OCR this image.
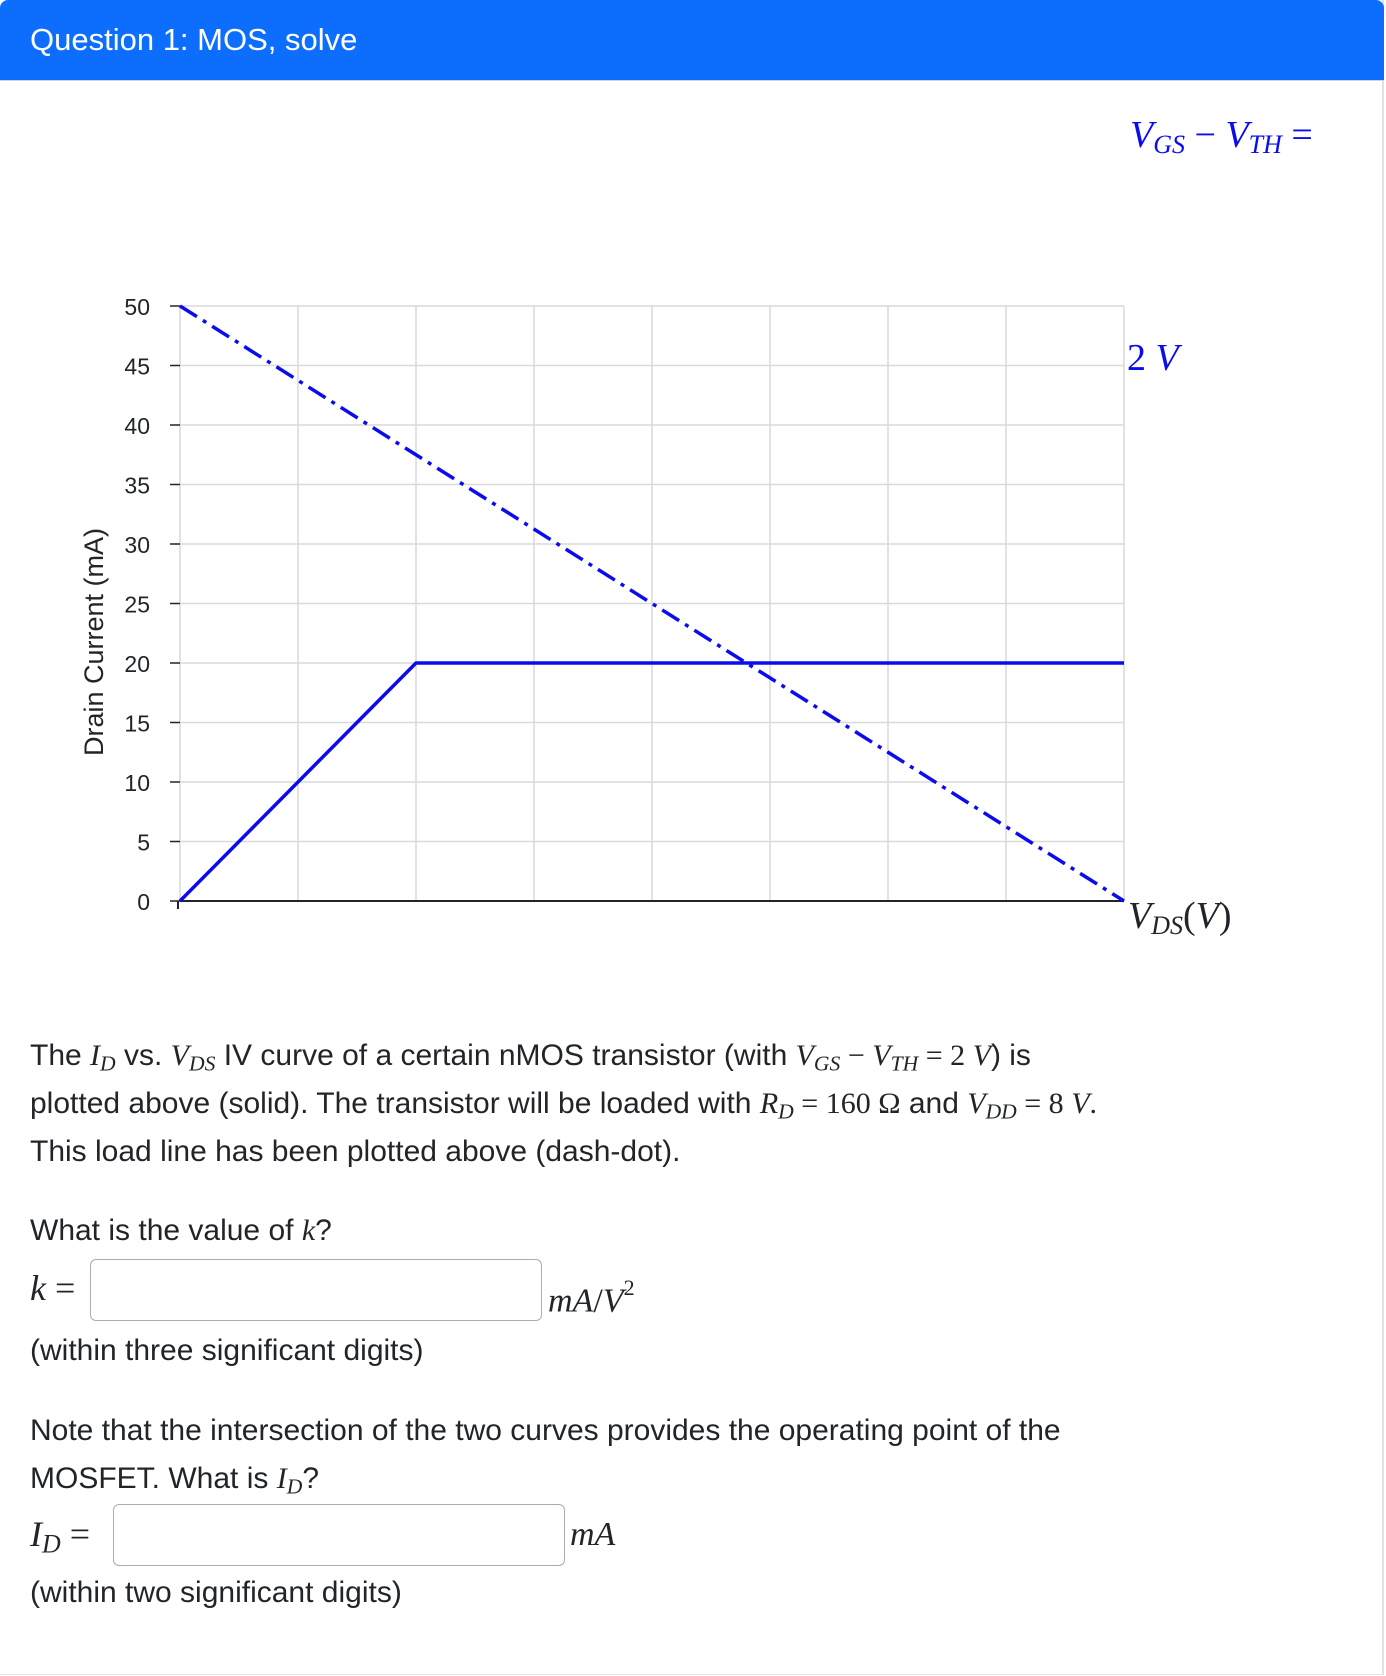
Question 1: MOS, solve
0
5
10
15
20
25
30
35
40
45
50
Drain Current (mA)
VGS − VTH =
2 V
VDS(V)
The $I_D$ vs. $V_{DS}$ IV curve of a certain nMOS transistor (with $V_{GS} - V_{TH} = 2$ V) is
plotted above (solid). The transistor will be loaded with $R_D = 160$ Ω and $V_{DD} = 8$ V.
This load line has been plotted above (dash-dot).
What is the value of k?
k =	$mA/V^2$
(within three significant digits)
Note that the intersection of the two curves provides the operating point of the
MOSFET. What is $I_D$?
$I_D$ =	mA
(within two significant digits)
